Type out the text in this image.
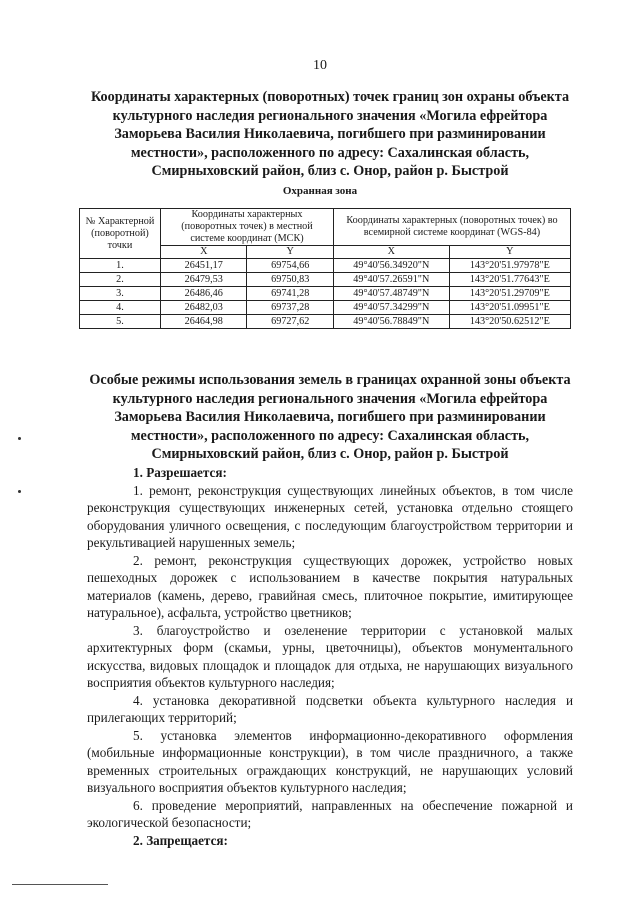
10
Координаты характерных (поворотных) точек границ зон охраны объекта культурного наследия регионального значения «Могила ефрейтора Заморьева Василия Николаевича, погибшего при разминировании местности», расположенного по адресу: Сахалинская область, Смирныховский район, близ с. Онор, район р. Быстрой
Охранная зона
№ Характерной (поворотной) точки	Координаты характерных (поворотных точек) в местной системе координат (МСК)		Координаты характерных (поворотных точек) во всемирной системе координат (WGS-84)	
	X	Y	X	Y
1.	26451,17	69754,66	49°40'56.34920"N	143°20'51.97978"E
2.	26479,53	69750,83	49°40'57.26591"N	143°20'51.77643"E
3.	26486,46	69741,28	49°40'57.48749"N	143°20'51.29709"E
4.	26482,03	69737,28	49°40'57.34299"N	143°20'51.09951"E
5.	26464,98	69727,62	49°40'56.78849"N	143°20'50.62512"E
Особые режимы использования земель в границах охранной зоны объекта культурного наследия регионального значения «Могила ефрейтора Заморьева Василия Николаевича, погибшего при разминировании местности», расположенного по адресу: Сахалинская область, Смирныховский район, близ с. Онор, район р. Быстрой
1. Разрешается:

1. ремонт, реконструкция существующих линейных объектов, в том числе реконструкция существующих инженерных сетей, установка отдельно стоящего оборудования уличного освещения, с последующим благоустройством территории и рекультивацией нарушенных земель;

2. ремонт, реконструкция существующих дорожек, устройство новых пешеходных дорожек с использованием в качестве покрытия натуральных материалов (камень, дерево, гравийная смесь, плиточное покрытие, имитирующее натуральное), асфальта, устройство цветников;

3. благоустройство и озеленение территории с установкой малых архитектурных форм (скамьи, урны, цветочницы), объектов монументального искусства, видовых площадок и площадок для отдыха, не нарушающих визуального восприятия объектов культурного наследия;

4. установка декоративной подсветки объекта культурного наследия и прилегающих территорий;

5. установка элементов информационно-декоративного оформления (мобильные информационные конструкции), в том числе праздничного, а также временных строительных ограждающих конструкций, не нарушающих условий визуального восприятия объектов культурного наследия;

6. проведение мероприятий, направленных на обеспечение пожарной и экологической безопасности;

2. Запрещается:
